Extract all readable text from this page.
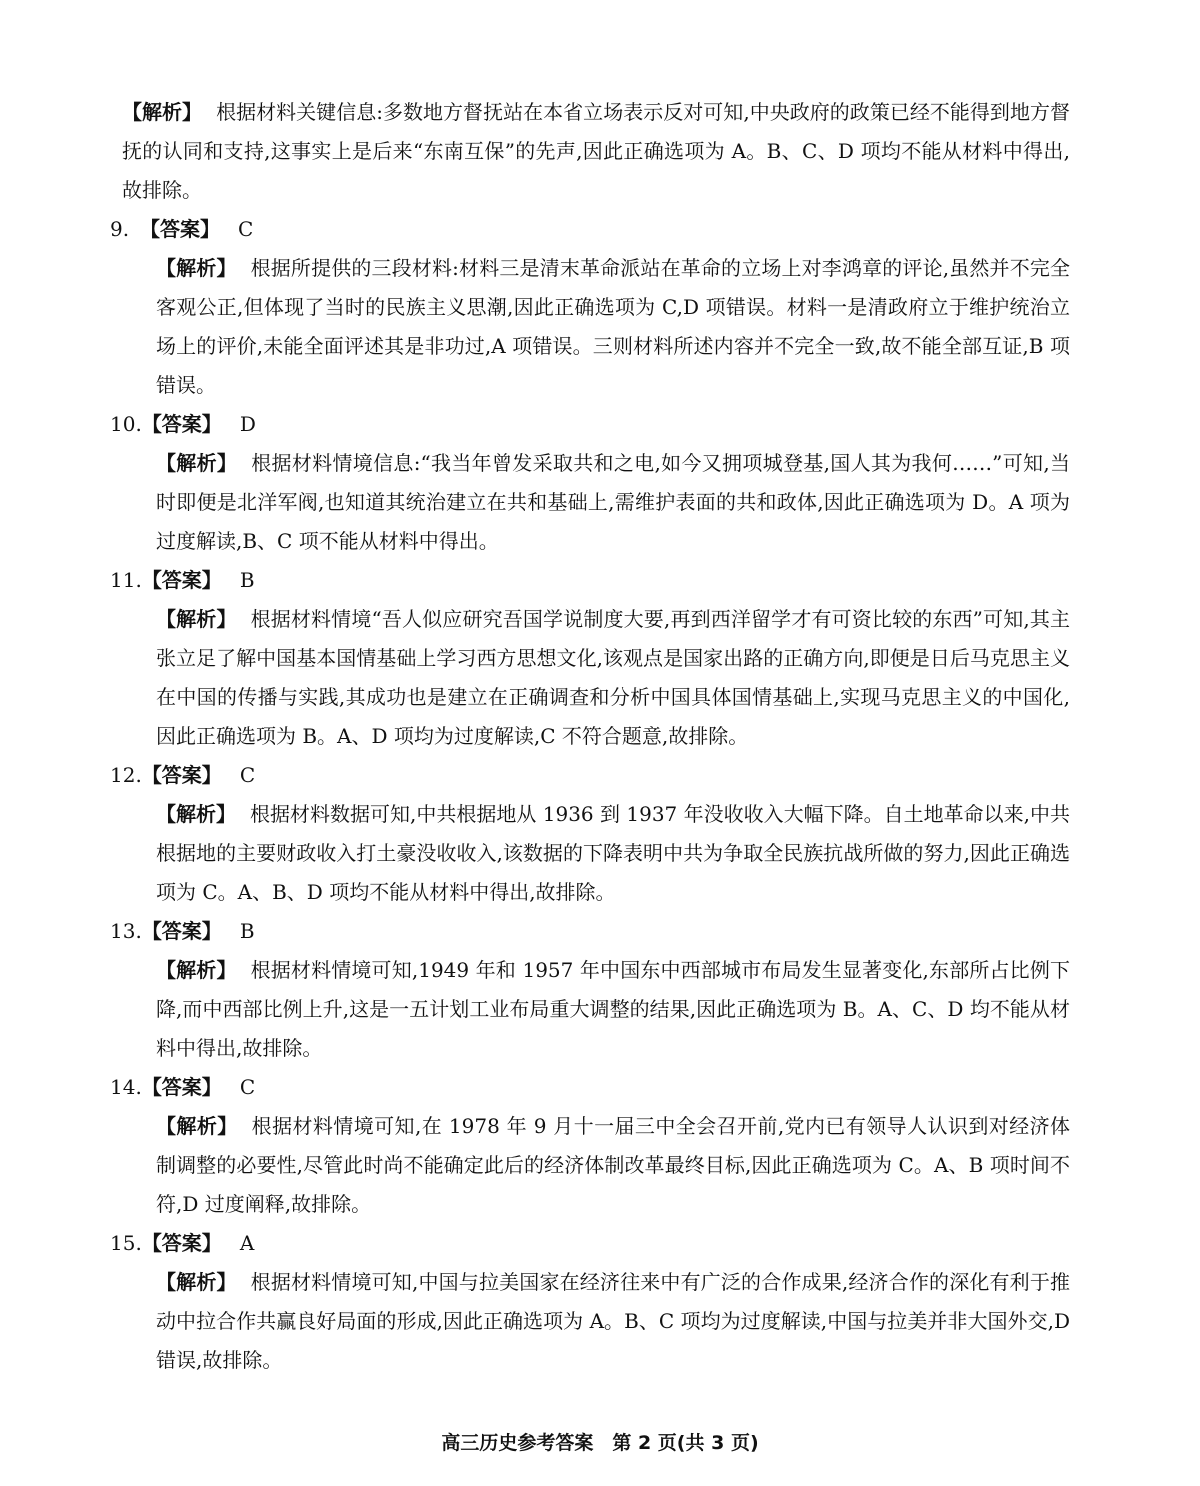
【解析】 根据材料关键信息:多数地方督抚站在本省立场表示反对可知,中央政府的政策已经不能得到地方督抚的认同和支持,这事实上是后来“东南互保”的先声,因此正确选项为 A。B、C、D 项均不能从材料中得出,故排除。

9. 【答案】 C

【解析】 根据所提供的三段材料:材料三是清末革命派站在革命的立场上对李鸿章的评论,虽然并不完全客观公正,但体现了当时的民族主义思潮,因此正确选项为 C,D 项错误。材料一是清政府立于维护统治立场上的评价,未能全面评述其是非功过,A 项错误。三则材料所述内容并不完全一致,故不能全部互证,B 项错误。

10.【答案】 D

【解析】 根据材料情境信息:“我当年曾发采取共和之电,如今又拥项城登基,国人其为我何……”可知,当时即便是北洋军阀,也知道其统治建立在共和基础上,需维护表面的共和政体,因此正确选项为 D。A 项为过度解读,B、C 项不能从材料中得出。

11.【答案】 B

【解析】 根据材料情境“吾人似应研究吾国学说制度大要,再到西洋留学才有可资比较的东西”可知,其主张立足了解中国基本国情基础上学习西方思想文化,该观点是国家出路的正确方向,即便是日后马克思主义在中国的传播与实践,其成功也是建立在正确调查和分析中国具体国情基础上,实现马克思主义的中国化,因此正确选项为 B。A、D 项均为过度解读,C 不符合题意,故排除。

12.【答案】 C

【解析】 根据材料数据可知,中共根据地从 1936 到 1937 年没收收入大幅下降。自土地革命以来,中共根据地的主要财政收入打土豪没收收入,该数据的下降表明中共为争取全民族抗战所做的努力,因此正确选项为 C。A、B、D 项均不能从材料中得出,故排除。

13.【答案】 B

【解析】 根据材料情境可知,1949 年和 1957 年中国东中西部城市布局发生显著变化,东部所占比例下降,而中西部比例上升,这是一五计划工业布局重大调整的结果,因此正确选项为 B。A、C、D 均不能从材料中得出,故排除。

14.【答案】 C

【解析】 根据材料情境可知,在 1978 年 9 月十一届三中全会召开前,党内已有领导人认识到对经济体制调整的必要性,尽管此时尚不能确定此后的经济体制改革最终目标,因此正确选项为 C。A、B 项时间不符,D 过度阐释,故排除。

15.【答案】 A

【解析】 根据材料情境可知,中国与拉美国家在经济往来中有广泛的合作成果,经济合作的深化有利于推动中拉合作共赢良好局面的形成,因此正确选项为 A。B、C 项均为过度解读,中国与拉美并非大国外交,D 错误,故排除。

高三历史参考答案　第 2 页(共 3 页)
